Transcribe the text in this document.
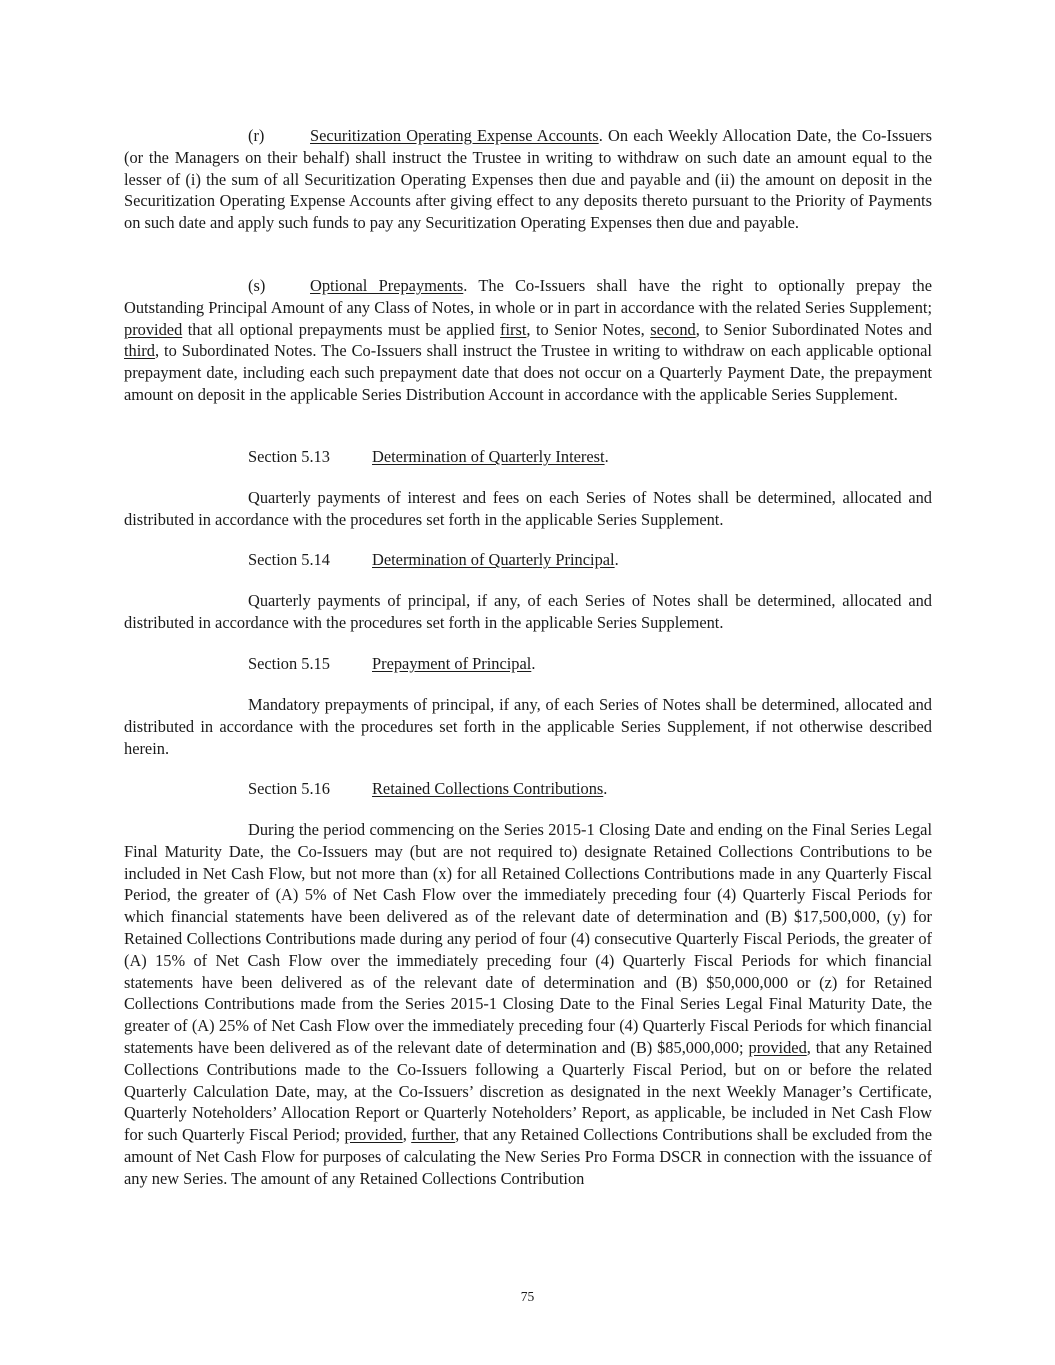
(r)	Securitization Operating Expense Accounts. On each Weekly Allocation Date, the Co-Issuers (or the Managers on their behalf) shall instruct the Trustee in writing to withdraw on such date an amount equal to the lesser of (i) the sum of all Securitization Operating Expenses then due and payable and (ii) the amount on deposit in the Securitization Operating Expense Accounts after giving effect to any deposits thereto pursuant to the Priority of Payments on such date and apply such funds to pay any Securitization Operating Expenses then due and payable.

(s)	Optional Prepayments. The Co-Issuers shall have the right to optionally prepay the Outstanding Principal Amount of any Class of Notes, in whole or in part in accordance with the related Series Supplement; provided that all optional prepayments must be applied first, to Senior Notes, second, to Senior Subordinated Notes and third, to Subordinated Notes. The Co-Issuers shall instruct the Trustee in writing to withdraw on each applicable optional prepayment date, including each such prepayment date that does not occur on a Quarterly Payment Date, the prepayment amount on deposit in the applicable Series Distribution Account in accordance with the applicable Series Supplement.

Section 5.13	Determination of Quarterly Interest.

Quarterly payments of interest and fees on each Series of Notes shall be determined, allocated and distributed in accordance with the procedures set forth in the applicable Series Supplement.

Section 5.14	Determination of Quarterly Principal.

Quarterly payments of principal, if any, of each Series of Notes shall be determined, allocated and distributed in accordance with the procedures set forth in the applicable Series Supplement.

Section 5.15	Prepayment of Principal.

Mandatory prepayments of principal, if any, of each Series of Notes shall be determined, allocated and distributed in accordance with the procedures set forth in the applicable Series Supplement, if not otherwise described herein.

Section 5.16	Retained Collections Contributions.

During the period commencing on the Series 2015-1 Closing Date and ending on the Final Series Legal Final Maturity Date, the Co-Issuers may (but are not required to) designate Retained Collections Contributions to be included in Net Cash Flow, but not more than (x) for all Retained Collections Contributions made in any Quarterly Fiscal Period, the greater of (A) 5% of Net Cash Flow over the immediately preceding four (4) Quarterly Fiscal Periods for which financial statements have been delivered as of the relevant date of determination and (B) $17,500,000, (y) for Retained Collections Contributions made during any period of four (4) consecutive Quarterly Fiscal Periods, the greater of (A) 15% of Net Cash Flow over the immediately preceding four (4) Quarterly Fiscal Periods for which financial statements have been delivered as of the relevant date of determination and (B) $50,000,000 or (z) for Retained Collections Contributions made from the Series 2015-1 Closing Date to the Final Series Legal Final Maturity Date, the greater of (A) 25% of Net Cash Flow over the immediately preceding four (4) Quarterly Fiscal Periods for which financial statements have been delivered as of the relevant date of determination and (B) $85,000,000; provided, that any Retained Collections Contributions made to the Co-Issuers following a Quarterly Fiscal Period, but on or before the related Quarterly Calculation Date, may, at the Co-Issuers’ discretion as designated in the next Weekly Manager’s Certificate, Quarterly Noteholders’ Allocation Report or Quarterly Noteholders’ Report, as applicable, be included in Net Cash Flow for such Quarterly Fiscal Period; provided, further, that any Retained Collections Contributions shall be excluded from the amount of Net Cash Flow for purposes of calculating the New Series Pro Forma DSCR in connection with the issuance of any new Series. The amount of any Retained Collections Contribution

75
